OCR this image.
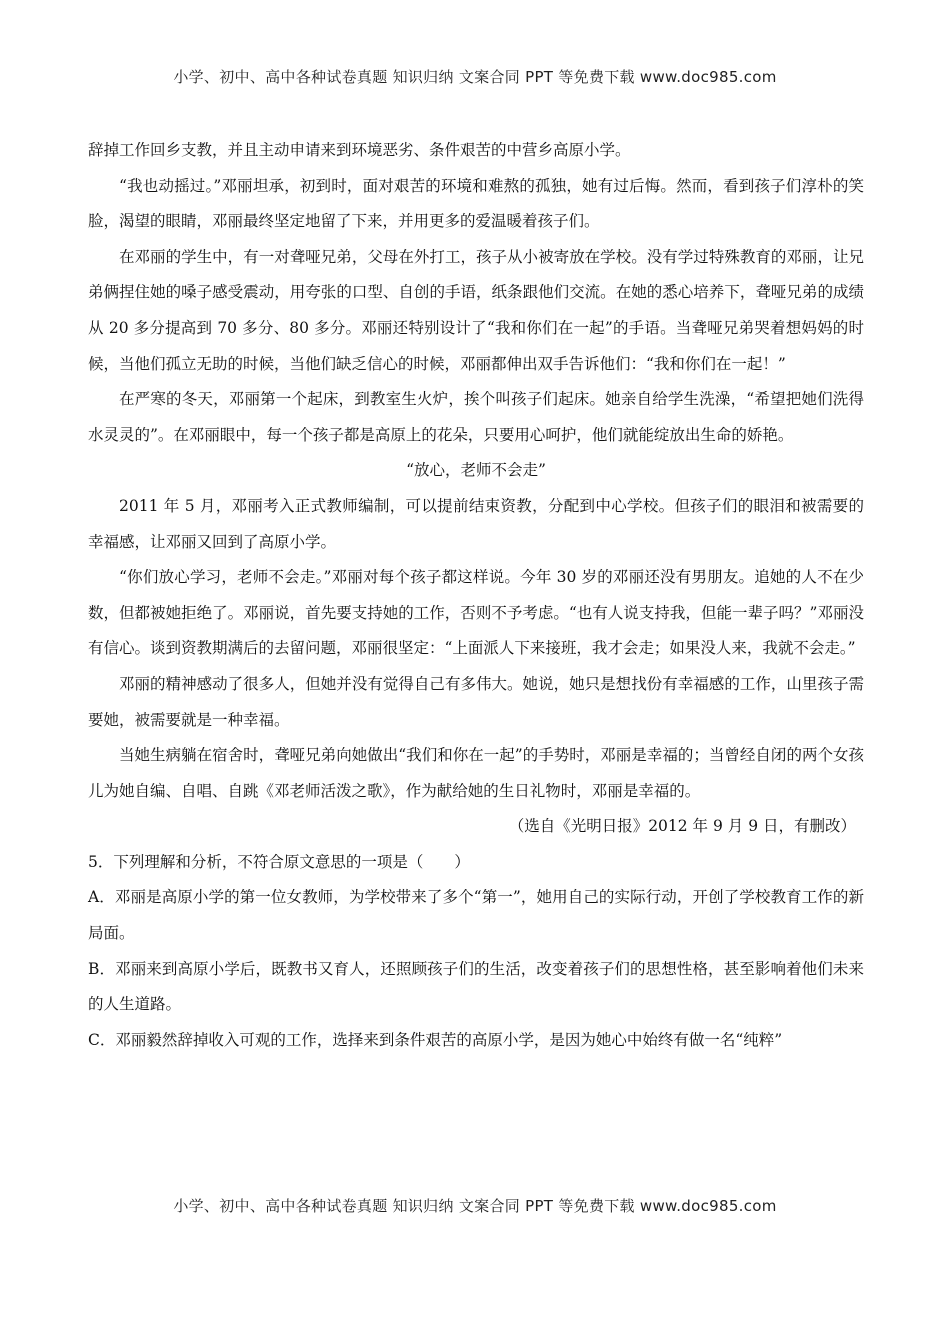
小学、初中、高中各种试卷真题 知识归纳 文案合同 PPT 等免费下载 www.doc985.com

辞掉工作回乡支教，并且主动申请来到环境恶劣、条件艰苦的中营乡高原小学。

“我也动摇过。”邓丽坦承，初到时，面对艰苦的环境和难熬的孤独，她有过后悔。然而，看到孩子们淳朴的笑脸，渴望的眼睛，邓丽最终坚定地留了下来，并用更多的爱温暖着孩子们。

在邓丽的学生中，有一对聋哑兄弟，父母在外打工，孩子从小被寄放在学校。没有学过特殊教育的邓丽，让兄弟俩捏住她的嗓子感受震动，用夸张的口型、自创的手语，纸条跟他们交流。在她的悉心培养下，聋哑兄弟的成绩从 20 多分提高到 70 多分、80 多分。邓丽还特别设计了“我和你们在一起”的手语。当聋哑兄弟哭着想妈妈的时候，当他们孤立无助的时候，当他们缺乏信心的时候，邓丽都伸出双手告诉他们：“我和你们在一起！”

在严寒的冬天，邓丽第一个起床，到教室生火炉，挨个叫孩子们起床。她亲自给学生洗澡，“希望把她们洗得水灵灵的”。在邓丽眼中，每一个孩子都是高原上的花朵，只要用心呵护，他们就能绽放出生命的娇艳。

“放心，老师不会走”

2011 年 5 月，邓丽考入正式教师编制，可以提前结束资教，分配到中心学校。但孩子们的眼泪和被需要的幸福感，让邓丽又回到了高原小学。

“你们放心学习，老师不会走。”邓丽对每个孩子都这样说。今年 30 岁的邓丽还没有男朋友。追她的人不在少数，但都被她拒绝了。邓丽说，首先要支持她的工作，否则不予考虑。“也有人说支持我，但能一辈子吗？”邓丽没有信心。谈到资教期满后的去留问题，邓丽很坚定：“上面派人下来接班，我才会走；如果没人来，我就不会走。”

邓丽的精神感动了很多人，但她并没有觉得自己有多伟大。她说，她只是想找份有幸福感的工作，山里孩子需要她，被需要就是一种幸福。

当她生病躺在宿舍时，聋哑兄弟向她做出“我们和你在一起”的手势时，邓丽是幸福的；当曾经自闭的两个女孩儿为她自编、自唱、自跳《邓老师活泼之歌》，作为献给她的生日礼物时，邓丽是幸福的。

（选自《光明日报》2012 年 9 月 9 日，有删改）

5．下列理解和分析，不符合原文意思的一项是（　　）

A．邓丽是高原小学的第一位女教师，为学校带来了多个“第一”，她用自己的实际行动，开创了学校教育工作的新局面。

B．邓丽来到高原小学后，既教书又育人，还照顾孩子们的生活，改变着孩子们的思想性格，甚至影响着他们未来的人生道路。

C．邓丽毅然辞掉收入可观的工作，选择来到条件艰苦的高原小学，是因为她心中始终有做一名“纯粹”

小学、初中、高中各种试卷真题 知识归纳 文案合同 PPT 等免费下载 www.doc985.com
